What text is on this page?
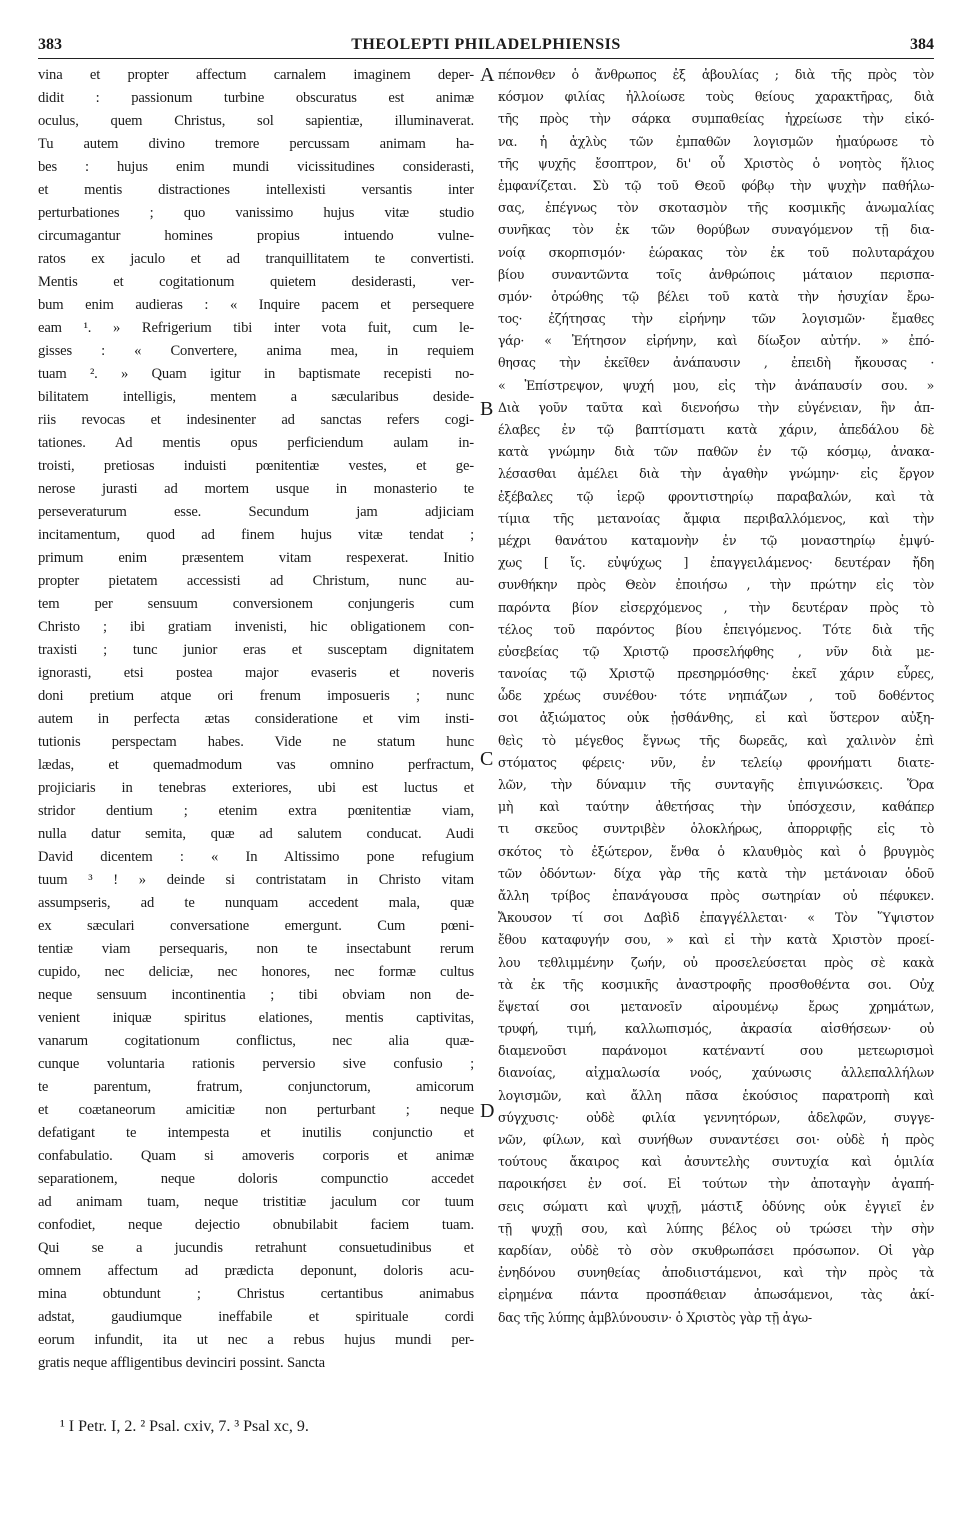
383	THEOLEPTI PHILADELPHIENSIS	384
vina et propter affectum carnalem imaginem deper-
didit : passionum turbine obscuratus est animæ
oculus, quem Christus, sol sapientiæ, illuminaverat.
Tu autem divino tremore percussam animam ha-
bes : hujus enim mundi vicissitudines considerasti,
et mentis distractiones intellexisti versantis inter
perturbationes ; quo vanissimo hujus vitæ studio
circumagantur homines propius intuendo vulne-
ratos ex jaculo et ad tranquillitatem te convertisti.
Mentis et cogitationum quietem desiderasti, ver-
bum enim audieras : « Inquire pacem et persequere
eam ¹. » Refrigerium tibi inter vota fuit, cum le-
gisses : « Convertere, anima mea, in requiem
tuam ². » Quam igitur in baptismate recepisti no-
bilitatem intelligis, mentem a sæcularibus deside-
riis revocas et indesinenter ad sanctas refers cogi-
tationes. Ad mentis opus perficiendum aulam in-
troisti, pretiosas induisti pœnitentiæ vestes, et ge-
nerose jurasti ad mortem usque in monasterio te
perseveraturum esse. Secundum jam adjiciam
incitamentum, quod ad finem hujus vitæ tendat ;
primum enim præsentem vitam respexerat. Initio
propter pietatem accessisti ad Christum, nunc au-
tem per sensuum conversionem conjungeris cum
Christo ; ibi gratiam invenisti, hic obligationem con-
traxisti ; tunc junior eras et susceptam dignitatem
ignorasti, etsi postea major evaseris et noveris
doni pretium atque ori frenum imposueris ; nunc
autem in perfecta ætas consideratione et vim insti-
tutionis perspectam habes. Vide ne statum hunc
lædas, et quemadmodum vas omnino perfractum,
projiciaris in tenebras exteriores, ubi est luctus et
stridor dentium ; etenim extra pœnitentiæ viam,
nulla datur semita, quæ ad salutem conducat. Audi
David dicentem : « In Altissimo pone refugium
tuum ³ ! » deinde si contristatam in Christo vitam
assumpseris, ad te nunquam accedent mala, quæ
ex sæculari conversatione emergunt. Cum pœni-
tentiæ viam persequaris, non te insectabunt rerum
cupido, nec deliciæ, nec honores, nec formæ cultus
neque sensuum incontinentia ; tibi obviam non de-
venient iniquæ spiritus elationes, mentis captivitas,
vanarum cogitationum conflictus, nec alia quæ-
cunque voluntaria rationis perversio sive confusio ;
te parentum, fratrum, conjunctorum, amicorum
et coætaneorum amicitiæ non perturbant ; neque
defatigant te intempesta et inutilis conjunctio et
confabulatio. Quam si amoveris corporis et animæ
separationem, neque doloris compunctio accedet
ad animam tuam, neque tristitiæ jaculum cor tuum
confodiet, neque dejectio obnubilabit faciem tuam.
Qui se a jucundis retrahunt consuetudinibus et
omnem affectum ad prædicta deponunt, doloris acu-
mina obtundunt ; Christus certantibus animabus
adstat, gaudiumque ineffabile et spirituale cordi
eorum infundit, ita ut nec a rebus hujus mundi per-
gratis neque affligentibus devinciri possint. Sancta
πέπονθεν ὁ ἄνθρωπος ἐξ ἀβουλίας ; διὰ τῆς πρὸς τὸν
κόσμον φιλίας ἠλλοίωσε τοὺς θείους χαρακτῆρας, διὰ
τῆς πρὸς τὴν σάρκα συμπαθείας ἠχρείωσε τὴν εἰκό-
να. ἡ ἀχλὺς τῶν ἐμπαθῶν λογισμῶν ἠμαύρωσε τὸ
τῆς ψυχῆς ἔσοπτρον, δι' οὗ Χριστὸς ὁ νοητὸς ἥλιος
ἐμφανίζεται. Σὺ τῷ τοῦ Θεοῦ φόβῳ τὴν ψυχὴν παθήλω-
σας, ἐπέγνως τὸν σκοτασμὸν τῆς κοσμικῆς ἀνωμαλίας
συνῆκας τὸν ἐκ τῶν θορύβων συναγόμενον τῇ δια-
νοίᾳ σκορπισμόν· ἑώρακας τὸν ἐκ τοῦ πολυταράχου
βίου συναντῶντα τοῖς ἀνθρώποις μάταιον περισπα-
σμόν· ὀτρώθης τῷ βέλει τοῦ κατὰ τὴν ἡσυχίαν ἔρω-
τος· ἐζήτησας τὴν εἰρήνην τῶν λογισμῶν· ἔμαθες
γάρ· « Ἐήτησον εἰρήνην, καὶ δίωξον αὐτήν. » ἐπό-
θησας τὴν ἐκεῖθεν ἀνάπαυσιν , ἐπειδὴ ἤκουσας ·
« Ἐπίστρεψον, ψυχή μου, εἰς τὴν ἀνάπαυσίν σου. »
Διὰ γοῦν ταῦτα καὶ διενοήσω τὴν εὐγένειαν, ἣν ἀπ-
έλαβες ἐν τῷ βαπτίσματι κατὰ χάριν, ἀπεδάλου δὲ
κατὰ γνώμην διὰ τῶν παθῶν ἐν τῷ κόσμῳ, ἀνακα-
λέσασθαι ἀμέλει διὰ τὴν ἀγαθὴν γνώμην· εἰς ἔργον
ἐξέβαλες τῷ ἱερῷ φροντιστηρίῳ παραβαλών, καὶ τὰ
τίμια τῆς μετανοίας ἄμφια περιβαλλόμενος, καὶ τὴν
μέχρι θανάτου καταμονὴν ἐν τῷ μοναστηρίῳ ἐμψύ-
χως [ ἴς. εὐψύχως ] ἐπαγγειλάμενος· δευτέραν ἤδη
συνθήκην πρὸς Θεὸν ἐποιήσω , τὴν πρώτην εἰς τὸν
παρόντα βίον εἰσερχόμενος , τὴν δευτέραν πρὸς τὸ
τέλος τοῦ παρόντος βίου ἐπειγόμενος. Τότε διὰ τῆς
εὐσεβείας τῷ Χριστῷ προσελήφθης , νῦν διὰ με-
τανοίας τῷ Χριστῷ πρεσηρμόσθης· ἐκεῖ χάριν εὗρες,
ὧδε χρέως συνέθου· τότε νηπιάζων , τοῦ δοθέντος
σοι ἀξιώματος οὐκ ᾐσθάνθης, εἰ καὶ ὕστερον αὐξη-
θεὶς τὸ μέγεθος ἔγνως τῆς δωρεᾶς, καὶ χαλινὸν ἐπὶ
στόματος φέρεις· νῦν, ἐν τελείῳ φρονήματι διατε-
λῶν, τὴν δύναμιν τῆς συνταγῆς ἐπιγινώσκεις. Ὅρα
μὴ καὶ ταύτην ἀθετήσας τὴν ὑπόσχεσιν, καθάπερ
τι σκεῦος συντριβὲν ὁλοκλήρως, ἀπορριφῇς εἰς τὸ
σκότος τὸ ἐξώτερον, ἔνθα ὁ κλαυθμὸς καὶ ὁ βρυγμὸς
τῶν ὀδόντων· δίχα γὰρ τῆς κατὰ τὴν μετάνοιαν ὁδοῦ
ἄλλη τρίβος ἐπανάγουσα πρὸς σωτηρίαν οὐ πέφυκεν.
Ἄκουσον τί σοι Δαβὶδ ἐπαγγέλλεται· « Τὸν Ὕψιστον
ἔθου καταφυγήν σου, » καὶ εἰ τὴν κατὰ Χριστὸν προεί-
λου τεθλιμμένην ζωήν, οὐ προσελεύσεται πρὸς σὲ κακὰ
τὰ ἐκ τῆς κοσμικῆς ἀναστροφῆς προσθοθέντα σοι. Οὐχ
ἕψεταί σοι μετανοεῖν αἱρουμένῳ ἔρως χρημάτων,
τρυφή, τιμή, καλλωπισμός, ἀκρασία αἰσθήσεων· οὐ
διαμενοῦσι παράνομοι κατέναντί σου μετεωρισμοὶ
διανοίας, αἰχμαλωσία νοός, χαύνωσις ἀλλεπαλλήλων
λογισμῶν, καὶ ἄλλη πᾶσα ἑκούσιος παρατροπὴ καὶ
σύγχυσις· οὐδὲ φιλία γεννητόρων, ἀδελφῶν, συγγε-
νῶν, φίλων, καὶ συνήθων συναντέσει σοι· οὐδὲ ἡ πρὸς
τούτους ἄκαιρος καὶ ἀσυντελὴς συντυχία καὶ ὁμιλία
παροικήσει ἐν σοί. Εἰ τούτων τὴν ἀποταγὴν ἀγαπή-
σεις σώματι καὶ ψυχῇ, μάστιξ ὀδύνης οὐκ ἐγγιεῖ ἐν
τῇ ψυχῇ σου, καὶ λύπης βέλος οὐ τρώσει τὴν σὴν
καρδίαν, οὐδὲ τὸ σὸν σκυθρωπάσει πρόσωπον. Οἱ γὰρ
ἐνηδόνου συνηθείας ἀποδιιστάμενοι, καὶ τὴν πρὸς τὰ
εἰρημένα πάντα προσπάθειαν ἀπωσάμενοι, τὰς ἀκί-
δας τῆς λύπης ἀμβλύνουσιν· ὁ Χριστὸς γὰρ τῇ ἀγω-
A
B
C
D
¹ I Petr. I, 2. ² Psal. cxiv, 7. ³ Psal xc, 9.
